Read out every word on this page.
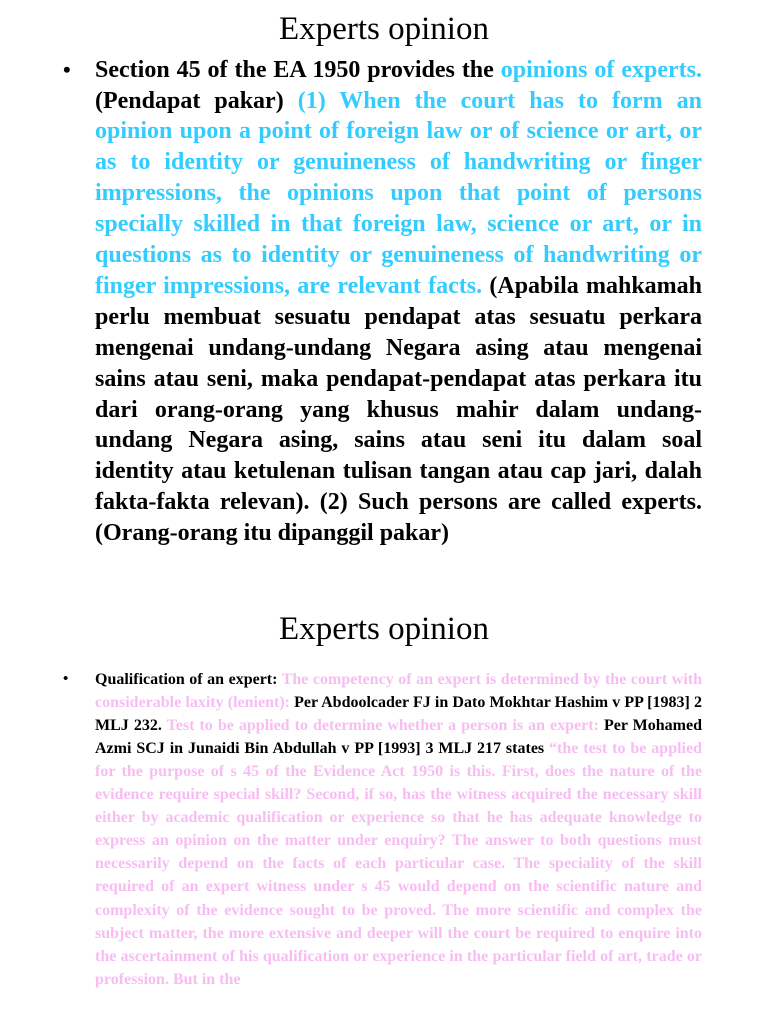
Experts opinion
• Section 45 of the EA 1950 provides the opinions of experts. (Pendapat pakar) (1) When the court has to form an opinion upon a point of foreign law or of science or art, or as to identity or genuineness of handwriting or finger impressions, the opinions upon that point of persons specially skilled in that foreign law, science or art, or in questions as to identity or genuineness of handwriting or finger impressions, are relevant facts. (Apabila mahkamah perlu membuat sesuatu pendapat atas sesuatu perkara mengenai undang-undang Negara asing atau mengenai sains atau seni, maka pendapat-pendapat atas perkara itu dari orang-orang yang khusus mahir dalam undang-undang Negara asing, sains atau seni itu dalam soal identity atau ketulenan tulisan tangan atau cap jari, dalah fakta-fakta relevan). (2) Such persons are called experts. (Orang-orang itu dipanggil pakar)
Experts opinion
• Qualification of an expert: The competency of an expert is determined by the court with considerable laxity (lenient): Per Abdoolcader FJ in Dato Mokhtar Hashim v PP [1983] 2 MLJ 232. Test to be applied to determine whether a person is an expert: Per Mohamed Azmi SCJ in Junaidi Bin Abdullah v PP [1993] 3 MLJ 217 states “the test to be applied for the purpose of s 45 of the Evidence Act 1950 is this. First, does the nature of the evidence require special skill? Second, if so, has the witness acquired the necessary skill either by academic qualification or experience so that he has adequate knowledge to express an opinion on the matter under enquiry? The answer to both questions must necessarily depend on the facts of each particular case. The speciality of the skill required of an expert witness under s 45 would depend on the scientific nature and complexity of the evidence sought to be proved. The more scientific and complex the subject matter, the more extensive and deeper will the court be required to enquire into the ascertainment of his qualification or experience in the particular field of art, trade or profession. But in the
